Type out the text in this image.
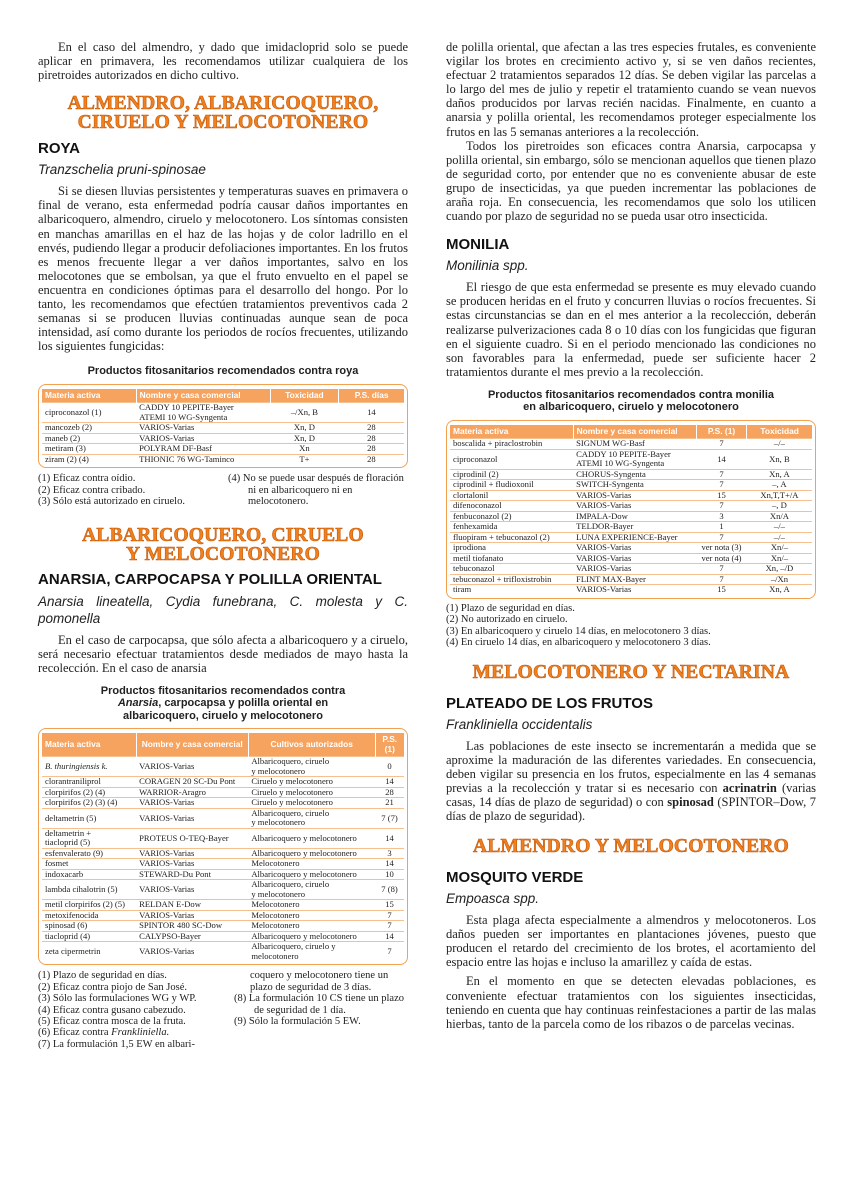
En el caso del almendro, y dado que imidacloprid solo se puede aplicar en primavera, les recomendamos utilizar cualquiera de los piretroides autorizados en dicho cultivo.

ALMENDRO, ALBARICOQUERO,
CIRUELO Y MELOCOTONERO
ROYA

Tranzschelia pruni-spinosae

Si se diesen lluvias persistentes y temperaturas suaves en primavera o final de verano, esta enfermedad podría causar daños importantes en albaricoquero, almendro, ciruelo y melocotonero. Los síntomas consisten en manchas amarillas en el haz de las hojas y de color ladrillo en el envés, pudiendo llegar a producir defoliaciones importantes. En los frutos es menos frecuente llegar a ver daños importantes, salvo en los melocotones que se embolsan, ya que el fruto envuelto en el papel se encuentra en condiciones óptimas para el desarrollo del hongo. Por lo tanto, les recomendamos que efectúen tratamientos preventivos cada 2 semanas si se producen lluvias continuadas aunque sean de poca intensidad, así como durante los periodos de rocíos frecuentes, utilizando los siguientes fungicidas:

Productos fitosanitarios recomendados contra roya

Materia activa	Nombre y casa comercial	Toxicidad	P.S. días
ciproconazol (1)	CADDY 10 PEPITE-Bayer
ATEMI 10 WG-Syngenta	–/Xn, B	14
mancozeb (2)	VARIOS-Varias	Xn, D	28
maneb (2)	VARIOS-Varias	Xn, D	28
metiram (3)	POLYRAM DF-Basf	Xn	28
ziram (2) (4)	THIONIC 76 WG-Taminco	T+	28

(1) Eficaz contra oídio.

(2) Eficaz contra cribado.

(3) Sólo está autorizado en ciruelo.

(4) No se puede usar después de floración ni en albaricoquero ni en melocotonero.

ALBARICOQUERO, CIRUELO
Y MELOCOTONERO
ANARSIA, CARPOCAPSA Y POLILLA ORIENTAL

Anarsia lineatella, Cydia funebrana, C. molesta y C. pomonella

En el caso de carpocapsa, que sólo afecta a albaricoquero y a ciruelo, será necesario efectuar tratamientos desde mediados de mayo hasta la recolección. En el caso de anarsia

Productos fitosanitarios recomendados contra
Anarsia, carpocapsa y polilla oriental en
albaricoquero, ciruelo y melocotonero

Materia activa	Nombre y casa comercial	Cultivos autorizados	P.S. (1)
B. thuringiensis k.	VARIOS-Varias	Albaricoquero, ciruelo
y melocotonero	0
clorantraniliprol	CORAGEN 20 SC-Du Pont	Ciruelo y melocotonero	14
clorpirifos (2) (4)	WARRIOR-Aragro	Ciruelo y melocotonero	28
clorpirifos (2) (3) (4)	VARIOS-Varias	Ciruelo y melocotonero	21
deltametrin (5)	VARIOS-Varias	Albaricoquero, ciruelo
y melocotonero	7 (7)
deltametrin +
tiacloprid (5)	PROTEUS O-TEQ-Bayer	Albaricoquero y melocotonero	14
esfenvalerato (9)	VARIOS-Varias	Albaricoquero y melocotonero	3
fosmet	VARIOS-Varias	Melocotonero	14
indoxacarb	STEWARD-Du Pont	Albaricoquero y melocotonero	10
lambda cihalotrin (5)	VARIOS-Varias	Albaricoquero, ciruelo
y melocotonero	7 (8)
metil clorpirifos (2) (5)	RELDAN E-Dow	Melocotonero	15
metoxifenocida	VARIOS-Varias	Melocotonero	7
spinosad (6)	SPINTOR 480 SC-Dow	Melocotonero	7
tiacloprid (4)	CALYPSO-Bayer	Albaricoquero y melocotonero	14
zeta cipermetrin	VARIOS-Varias	Albaricoquero, ciruelo y
melocotonero	7

(1) Plazo de seguridad en días.

(2) Eficaz contra piojo de San José.

(3) Sólo las formulaciones WG y WP.

(4) Eficaz contra gusano cabezudo.

(5) Eficaz contra mosca de la fruta.

(6) Eficaz contra Frankliniella.

(7) La formulación 1,5 EW en albari-

coquero y melocotonero tiene un plazo de seguridad de 3 días.

(8) La formulación 10 CS tiene un plazo de seguridad de 1 día.

(9) Sólo la formulación 5 EW.

de polilla oriental, que afectan a las tres especies frutales, es conveniente vigilar los brotes en crecimiento activo y, si se ven daños recientes, efectuar 2 tratamientos separados 12 días. Se deben vigilar las parcelas a lo largo del mes de julio y repetir el tratamiento cuando se vean nuevos daños producidos por larvas recién nacidas. Finalmente, en cuanto a anarsia y polilla oriental, les recomendamos proteger especialmente los frutos en las 5 semanas anteriores a la recolección.

Todos los piretroides son eficaces contra Anarsia, carpocapsa y polilla oriental, sin embargo, sólo se mencionan aquellos que tienen plazo de seguridad corto, por entender que no es conveniente abusar de este grupo de insecticidas, ya que pueden incrementar las poblaciones de araña roja. En consecuencia, les recomendamos que solo los utilicen cuando por plazo de seguridad no se pueda usar otro insecticida.

MONILIA

Monilinia spp.

El riesgo de que esta enfermedad se presente es muy elevado cuando se producen heridas en el fruto y concurren lluvias o rocíos frecuentes. Si estas circunstancias se dan en el mes anterior a la recolección, deberán realizarse pulverizaciones cada 8 o 10 días con los fungicidas que figuran en el siguiente cuadro. Si en el periodo mencionado las condiciones no son favorables para la enfermedad, puede ser suficiente hacer 2 tratamientos durante el mes previo a la recolección.

Productos fitosanitarios recomendados contra monilia
en albaricoquero, ciruelo y melocotonero

Materia activa	Nombre y casa comercial	P.S. (1)	Toxicidad
boscalida + piraclostrobin	SIGNUM WG-Basf	7	–/–
ciproconazol	CADDY 10 PEPITE-Bayer
ATEMI 10 WG-Syngenta	14	Xn, B
ciprodinil (2)	CHORUS-Syngenta	7	Xn, A
ciprodinil + fludioxonil	SWITCH-Syngenta	7	–, A
clortalonil	VARIOS-Varias	15	Xn,T,T+/A
difenoconazol	VARIOS-Varias	7	–, D
fenbuconazol (2)	IMPALA-Dow	3	Xn/A
fenhexamida	TELDOR-Bayer	1	–/–
fluopiram + tebuconazol (2)	LUNA EXPERIENCE-Bayer	7	–/–
iprodiona	VARIOS-Varias	ver nota (3)	Xn/–
metil tiofanato	VARIOS-Varias	ver nota (4)	Xn/–
tebuconazol	VARIOS-Varias	7	Xn, –/D
tebuconazol + trifloxistrobin	FLINT MAX-Bayer	7	–/Xn
tiram	VARIOS-Varias	15	Xn, A

(1) Plazo de seguridad en días.

(2) No autorizado en ciruelo.

(3) En albaricoquero y ciruelo 14 días, en melocotonero 3 días.

(4) En ciruelo 14 días, en albaricoquero y melocotonero 3 días.

MELOCOTONERO Y NECTARINA
PLATEADO DE LOS FRUTOS

Frankliniella occidentalis

Las poblaciones de este insecto se incrementarán a medida que se aproxime la maduración de las diferentes variedades. En consecuencia, deben vigilar su presencia en los frutos, especialmente en las 4 semanas previas a la recolección y tratar si es necesario con acrinatrin (varias casas, 14 días de plazo de seguridad) o con spinosad (SPINTOR–Dow, 7 días de plazo de seguridad).

ALMENDRO Y MELOCOTONERO
MOSQUITO VERDE

Empoasca spp.

Esta plaga afecta especialmente a almendros y melocotoneros. Los daños pueden ser importantes en plantaciones jóvenes, puesto que producen el retardo del crecimiento de los brotes, el acortamiento del espacio entre las hojas e incluso la amarillez y caída de estas.

En el momento en que se detecten elevadas poblaciones, es conveniente efectuar tratamientos con los siguientes insecticidas, teniendo en cuenta que hay continuas reinfestaciones a partir de las malas hierbas, tanto de la parcela como de los ribazos o de parcelas vecinas.
